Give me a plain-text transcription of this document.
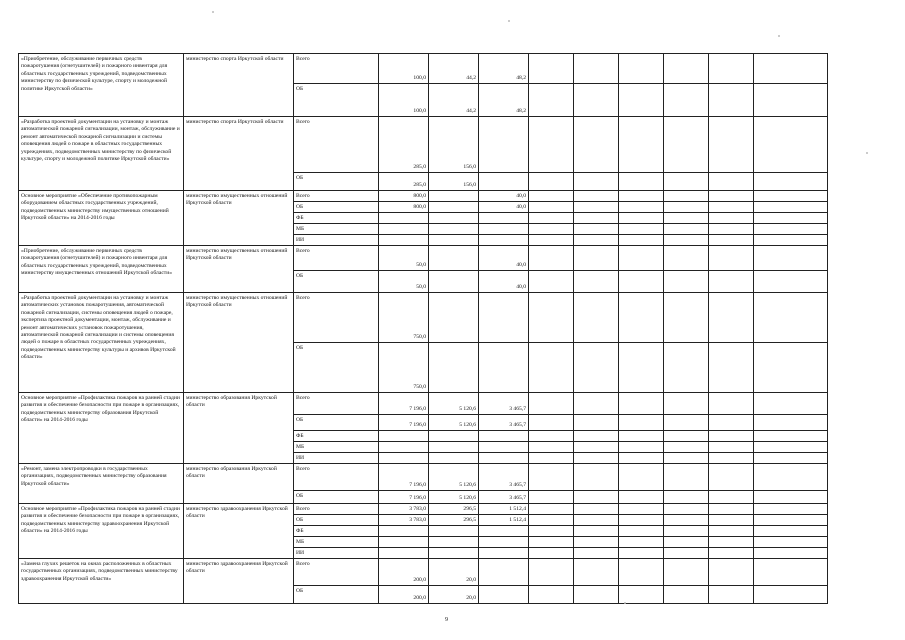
«Приобретение, обслуживание первичных средств пожаротушения (огнетушителей) и пожарного инвентаря для областных государственных учреждений, подведомственных министерству по физической культуре, спорту и молодежной политике Иркутской области»	министерство спорта Иркутской области	Всего	100,0	44,2	48,2						
		ОБ	100,0	44,2	48,2						
«Разработка проектной документации на установку и монтаж автоматической пожарной сигнализации, монтаж, обслуживание и ремонт автоматической пожарной сигнализации и системы оповещения людей о пожаре в областных государственных учреждениях, подведомственных министерству по физической культуре, спорту и молодежной политике Иркутской области»	министерство спорта Иркутской области	Всего	285,0	156,0							
		ОБ	285,0	156,0							
Основное мероприятие «Обеспечение противопожарным оборудованием областных государственных учреждений, подведомственных министерству имущественных отношений Иркутской области» на 2014-2016 годы	министерство имущественных отношений Иркутской области	Всего	800,0		40,0						
		ОБ	800,0		40,0						
		ФБ									
		МБ									
		ИИ									
«Приобретение, обслуживание первичных средств пожаротушения (огнетушителей) и пожарного инвентаря для областных государственных учреждений, подведомственных министерству имущественных отношений Иркутской области»	министерство имущественных отношений Иркутской области	Всего	50,0		40,0						
		ОБ	50,0		40,0						
«Разработка проектной документации на установку и монтаж автоматических установок пожаротушения, автоматической пожарной сигнализации, системы оповещения людей о пожаре, экспертиза проектной документации, монтаж, обслуживание и ремонт автоматических установок пожаротушения, автоматической пожарной сигнализации и системы оповещения людей о пожаре в областных государственных учреждениях, подведомственных министерству культуры и архивов Иркутской области»	министерство имущественных отношений Иркутской области	Всего	750,0								
		ОБ	750,0								
Основное мероприятие «Профилактика пожаров на ранней стадии развития и обеспечение безопасности при пожаре в организациях, подведомственных министерству образования Иркутской области» на 2014-2016 годы	министерство образования Иркутской области	Всего	7 196,0	5 120,6	3 465,7						
		ОБ	7 196,0	5 120,6	3 465,7						
		ФБ									
		МБ									
		ИИ									
«Ремонт, замена электропроводки в государственных организациях, подведомственных министерству образования Иркутской области»	министерство образования Иркутской области	Всего	7 196,0	5 120,6	3 465,7						
		ОБ	7 196,0	5 120,6	3 465,7						
Основное мероприятие «Профилактика пожаров на ранней стадии развития и обеспечение безопасности при пожаре в организациях, подведомственных министерству здравоохранения Иркутской области» на 2014-2016 годы	министерство здравоохранения Иркутской области	Всего	3 783,0	296,5	1 512,4						
		ОБ	3 783,0	296,5	1 512,4						
		ФБ									
		МБ									
		ИИ									
«Замена глухих решеток на окнах расположенных в областных государственных организациях, подведомственных министерству здравоохранения Иркутской области»	министерство здравоохранения Иркутской области	Всего	200,0	20,0							
		ОБ	200,0	20,0							
9
